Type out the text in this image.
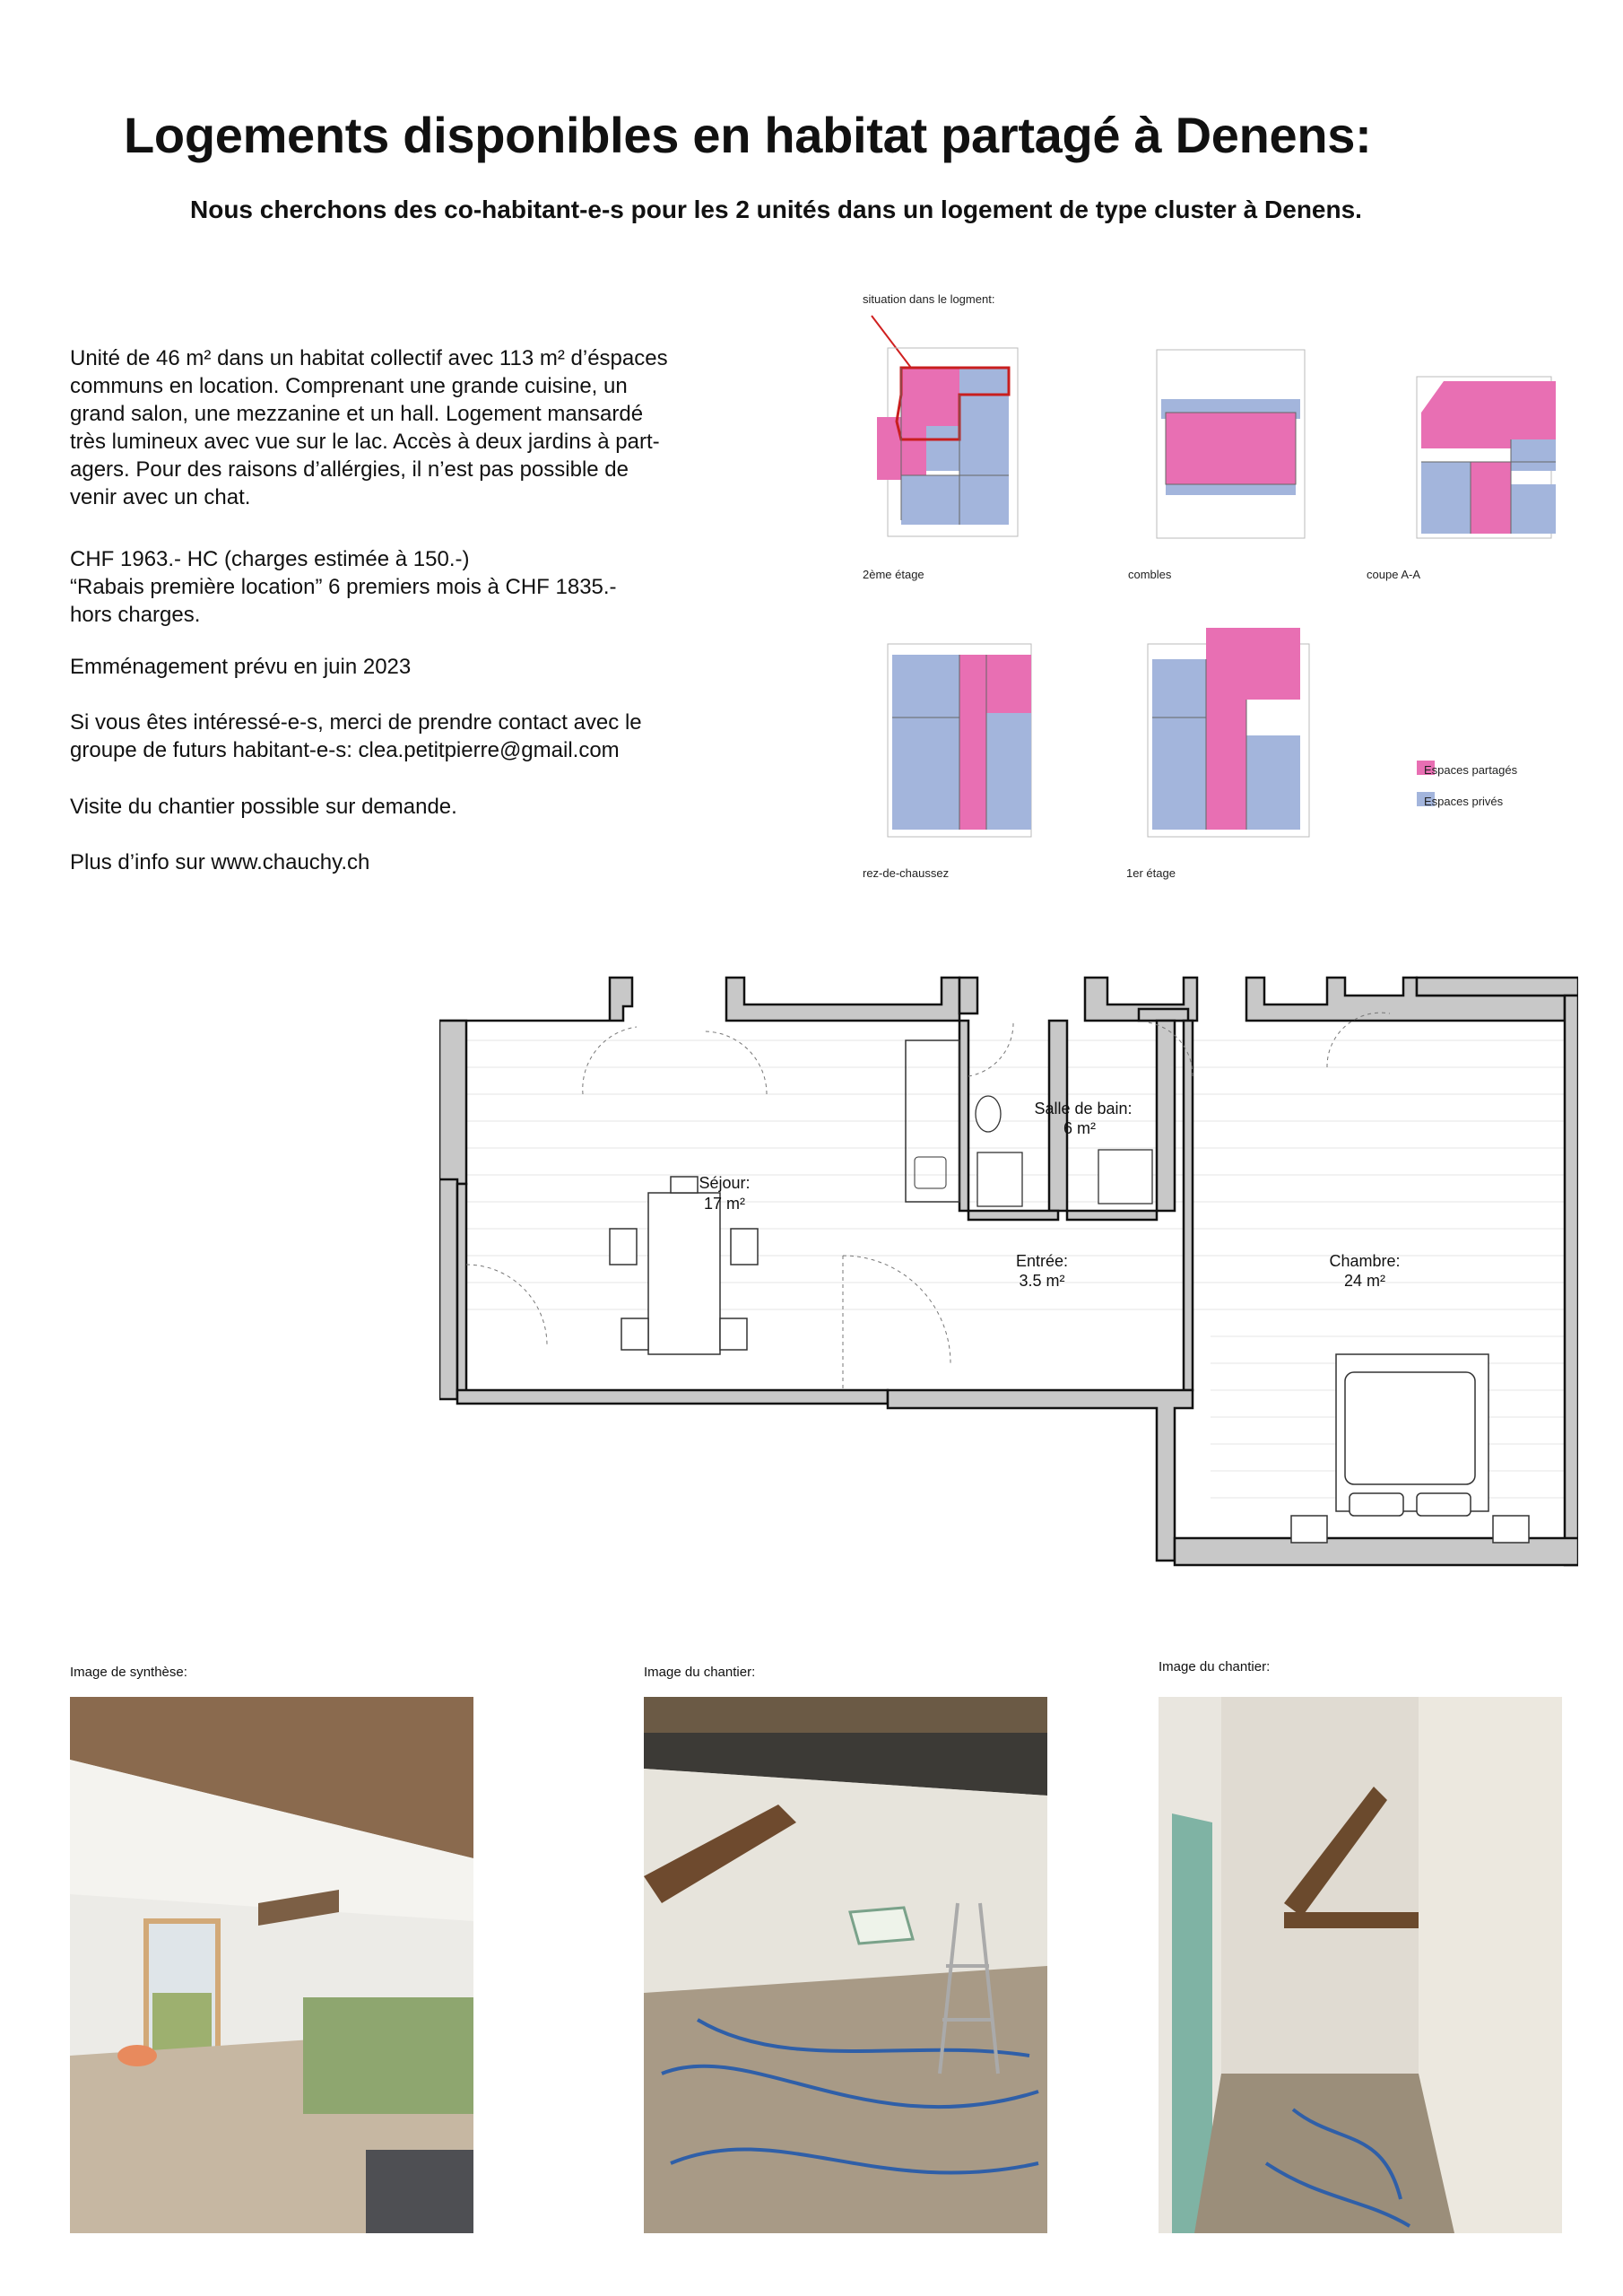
Logements disponibles en habitat partagé à Denens:

Nous cherchons des co-habitant-e-s pour les 2 unités dans un logement de type cluster à Denens.

Unité de 46 m² dans un habitat collectif avec 113 m² d’éspaces
communs en location. Comprenant une grande cuisine, un
grand salon, une mezzanine et un hall. Logement mansardé
très lumineux avec vue sur le lac. Accès à deux jardins à part-
agers. Pour des raisons d’allérgies, il n’est pas possible de
venir avec un chat.
CHF 1963.- HC (charges estimée à 150.-)
“Rabais première location” 6 premiers mois à CHF 1835.-
hors charges.

Emménagement prévu en juin 2023

Si vous êtes intéressé-e-s, merci de prendre contact avec le
groupe de futurs habitant-e-s: clea.petitpierre@gmail.com

Visite du chantier possible sur demande.

Plus d’info sur www.chauchy.ch

situation dans le logment:
2ème étage	combles	coupe A-A
rez-de-chaussez	1er étage
Espaces partagés
Espaces privés
Séjour:
17 m²
Salle de bain:
6 m²
Entrée:
3.5 m²
Chambre:
24 m²
Image de synthèse:	Image du chantier:	Image du chantier:
